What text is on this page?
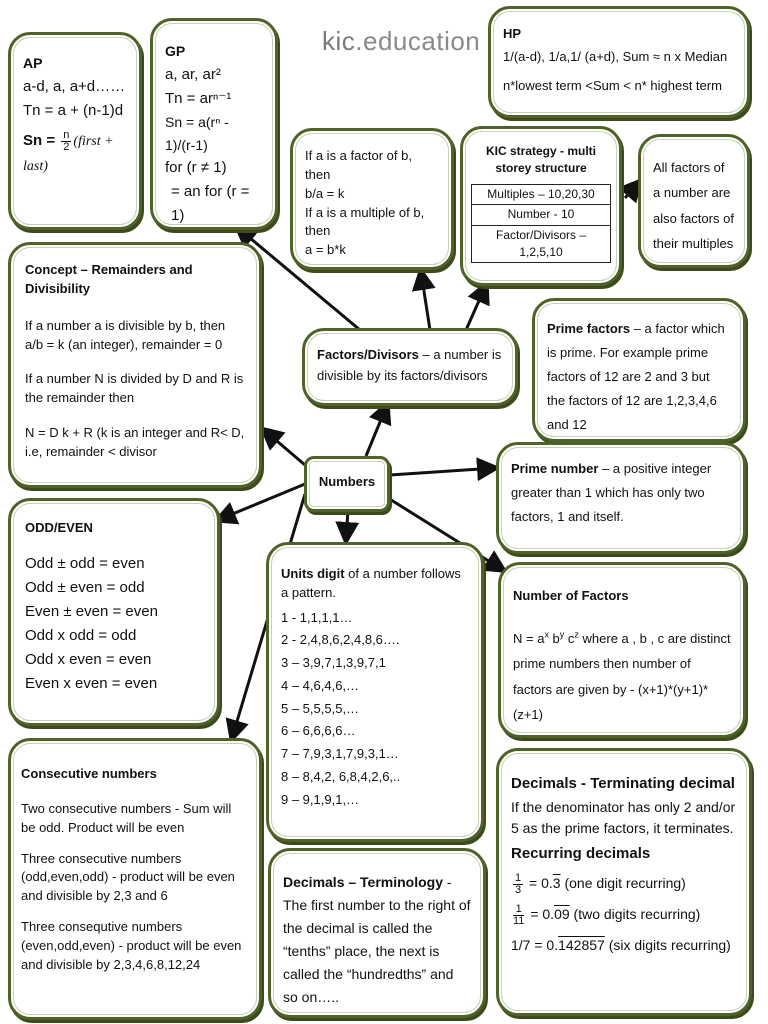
kic.education
AP
a-d, a, a+d……
Tn = a + (n-1)d
$Sn = \frac{n}{2}$ (first + last)
GP
a, ar, ar²
Tn = arⁿ⁻¹
Sn = a(rⁿ - 1)/(r-1)
for (r ≠ 1)
= an for (r = 1)
HP
1/(a-d), 1/a,1/ (a+d), Sum ≈ n x Median
n*lowest term <Sum < n* highest term
If a is a factor of b, then
b/a = k
If a is a multiple of b, then
a = b*k
KIC strategy - multi storey structure
Multiples – 10,20,30
Number - 10
Factor/Divisors – 1,2,5,10
All factors of a number are also factors of their multiples
Concept – Remainders and Divisibility

If a number a is divisible by b, then a/b = k (an integer), remainder = 0

If a number N is divided by D and R is the remainder then

N = D k + R (k is an integer and R< D, i.e, remainder < divisor

Factors/Divisors – a number is divisible by its factors/divisors
Prime factors – a factor which is prime. For example prime factors of 12 are 2 and 3 but the factors of 12 are 1,2,3,4,6 and 12
Numbers
Prime number – a positive integer greater than 1 which has only two factors, 1 and itself.
ODD/EVEN
Odd ± odd = even
Odd ± even = odd
Even ± even = even
Odd x odd = odd
Odd x even = even
Even x even = even
Units digit of a number follows a pattern.
1 - 1,1,1,1…
2 - 2,4,8,6,2,4,8,6….
3 – 3,9,7,1,3,9,7,1
4 – 4,6,4,6,…
5 – 5,5,5,5,…
6 – 6,6,6,6…
7 – 7,9,3,1,7,9,3,1…
8 – 8,4,2, 6,8,4,2,6,..
9 – 9,1,9,1,…
Number of Factors
$N = a^x$ $b^y$ $c^z$ where a , b , c are distinct prime numbers then number of factors are given by - (x+1)*(y+1)*(z+1)
Consecutive numbers

Two consecutive numbers - Sum will be odd. Product will be even

Three consecutive numbers (odd,even,odd) - product will be even and divisible by 2,3 and 6

Three consequtive numbers (even,odd,even) - product will be even and divisible by 2,3,4,6,8,12,24

Decimals – Terminology - The first number to the right of the decimal is called the “tenths” place, the next is called the “hundredths” and so on…..
Decimals - Terminating decimal
If the denominator has only 2 and/or 5 as the prime factors, it terminates.
Recurring decimals
$\frac{1}{3} = 0.3$ (one digit recurring)
$\frac{1}{11} = 0.09$ (two digits recurring)
1/7 = 0.142857 (six digits recurring)
